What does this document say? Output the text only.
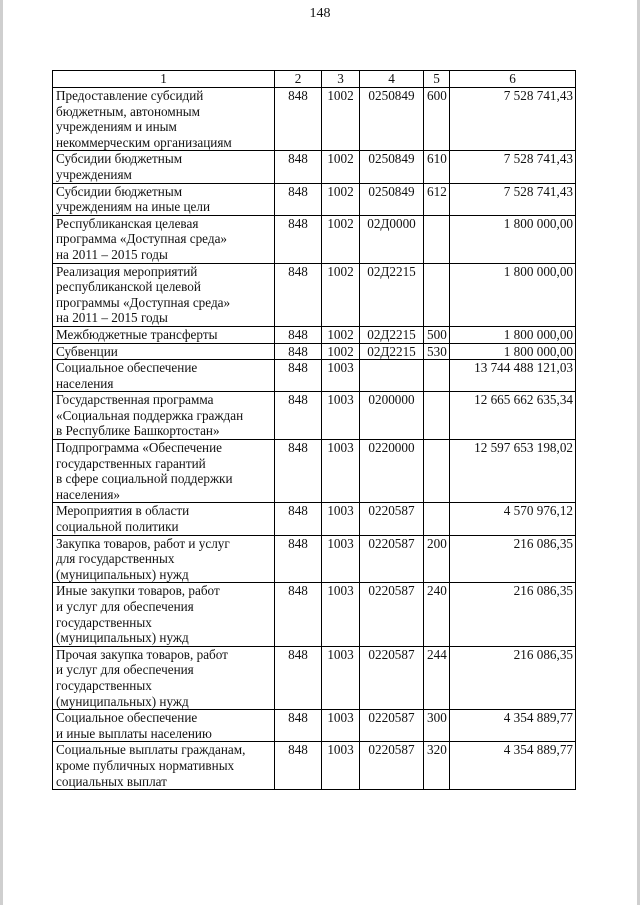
148
1	2	3	4	5	6
Предоставление субсидий
бюджетным, автономным
учреждениям и иным
некоммерческим организациям	848	1002	0250849	600	7 528 741,43
Субсидии бюджетным
учреждениям	848	1002	0250849	610	7 528 741,43
Субсидии бюджетным
учреждениям на иные цели	848	1002	0250849	612	7 528 741,43
Республиканская целевая
программа «Доступная среда»
на 2011 – 2015 годы	848	1002	02Д0000		1 800 000,00
Реализация мероприятий
республиканской целевой
программы «Доступная среда»
на 2011 – 2015 годы	848	1002	02Д2215		1 800 000,00
Межбюджетные трансферты	848	1002	02Д2215	500	1 800 000,00
Субвенции	848	1002	02Д2215	530	1 800 000,00
Социальное обеспечение
населения	848	1003			13 744 488 121,03
Государственная программа
«Социальная поддержка граждан
в Республике Башкортостан»	848	1003	0200000		12 665 662 635,34
Подпрограмма «Обеспечение
государственных гарантий
в сфере социальной поддержки
населения»	848	1003	0220000		12 597 653 198,02
Мероприятия в области
социальной политики	848	1003	0220587		4 570 976,12
Закупка товаров, работ и услуг
для государственных
(муниципальных) нужд	848	1003	0220587	200	216 086,35
Иные закупки товаров, работ
и услуг для обеспечения
государственных
(муниципальных) нужд	848	1003	0220587	240	216 086,35
Прочая закупка товаров, работ
и услуг для обеспечения
государственных
(муниципальных) нужд	848	1003	0220587	244	216 086,35
Социальное обеспечение
и иные выплаты населению	848	1003	0220587	300	4 354 889,77
Социальные выплаты гражданам,
кроме публичных нормативных
социальных выплат	848	1003	0220587	320	4 354 889,77
